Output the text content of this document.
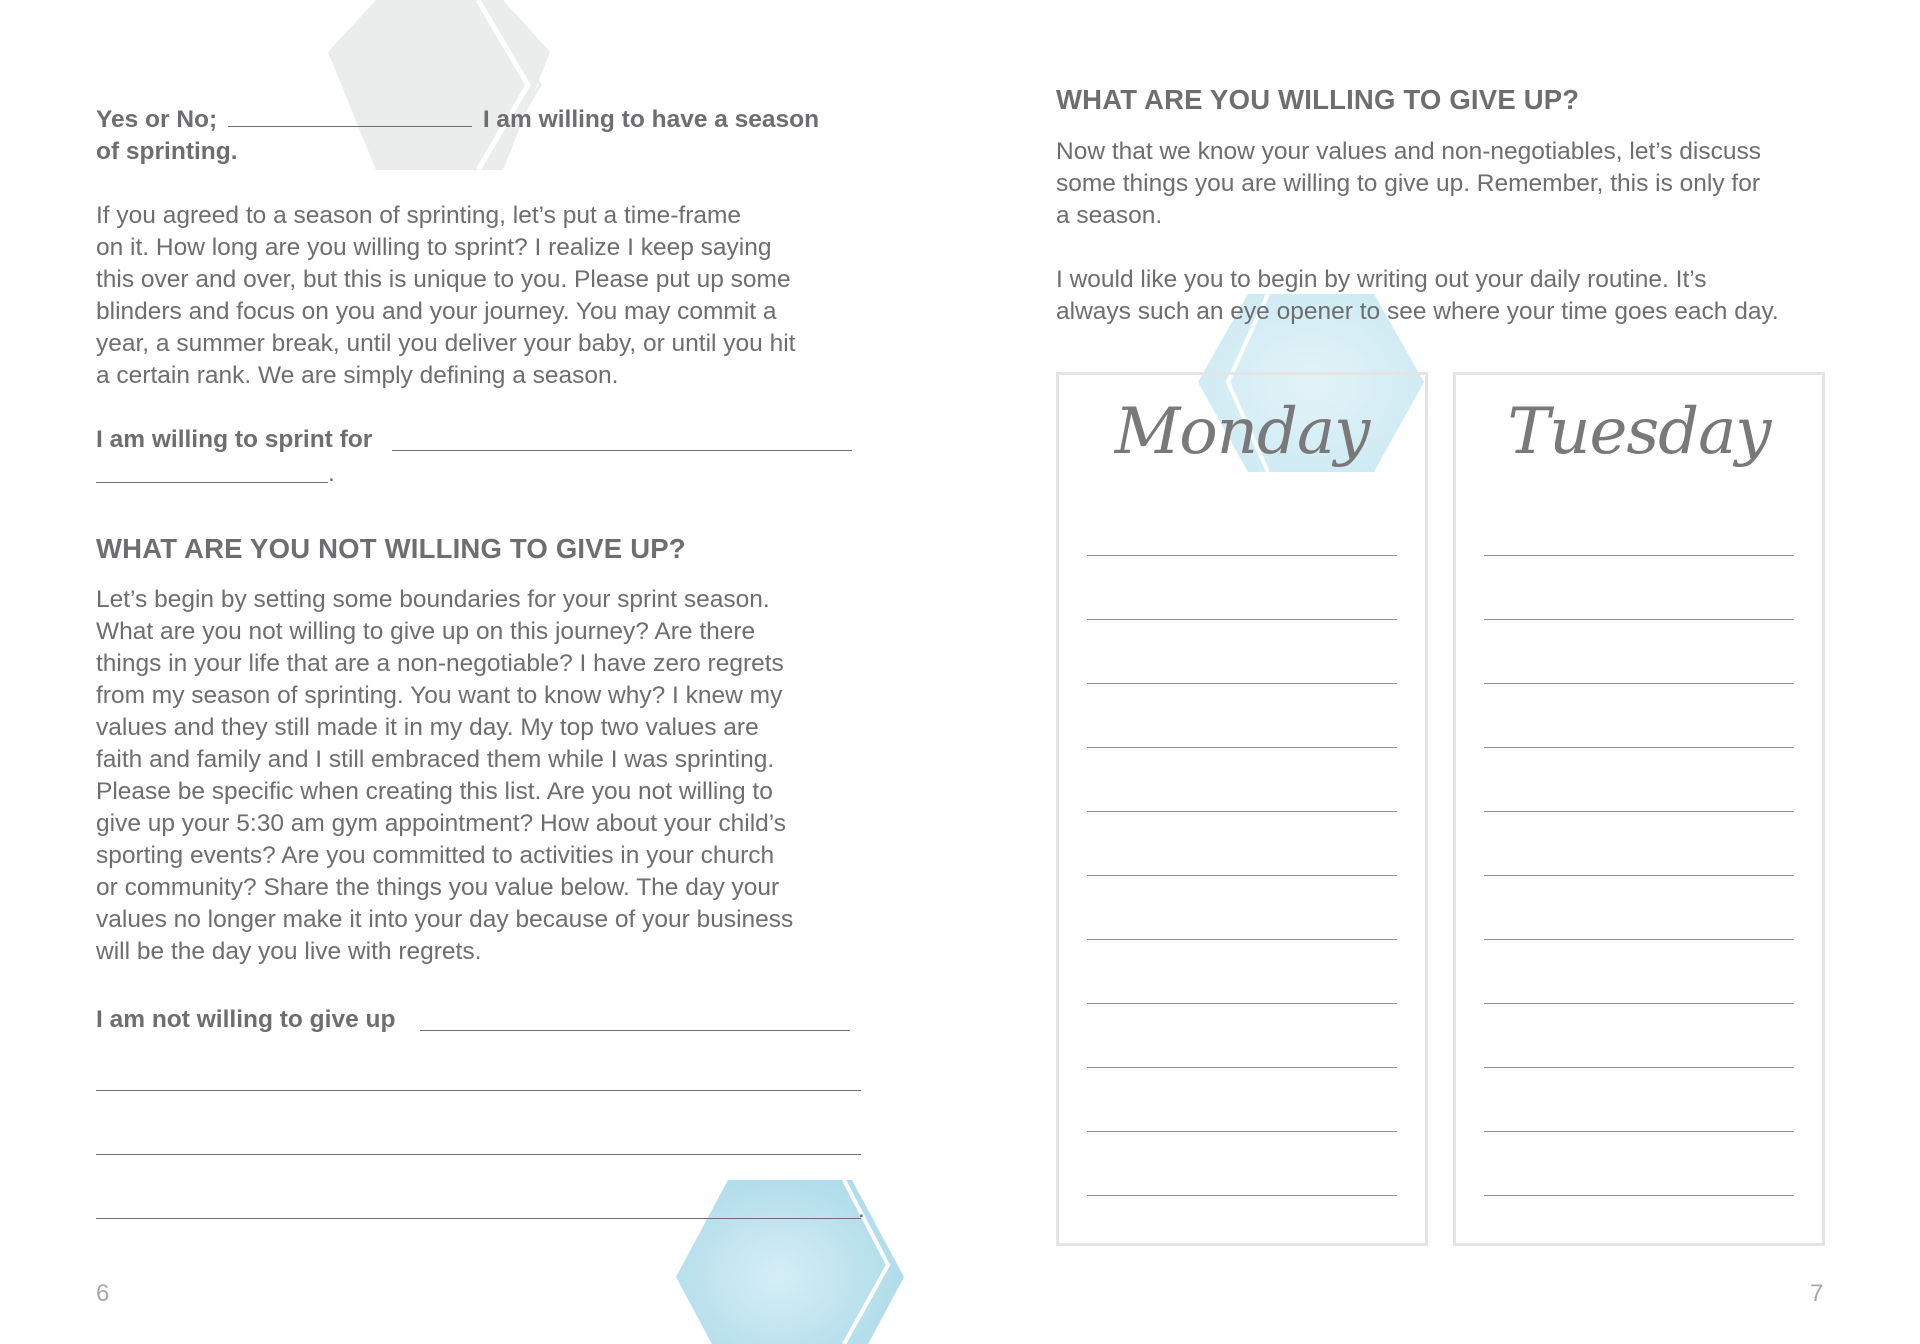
Yes or No;	I am willing to have a season
of sprinting.

If you agreed to a season of sprinting, let’s put a time-frame

on it. How long are you willing to sprint? I realize I keep saying

this over and over, but this is unique to you. Please put up some

blinders and focus on you and your journey. You may commit a

year, a summer break, until you deliver your baby, or until you hit

a certain rank. We are simply defining a season.

I am willing to sprint for

.

WHAT ARE YOU NOT WILLING TO GIVE UP?

Let’s begin by setting some boundaries for your sprint season.

What are you not willing to give up on this journey? Are there

things in your life that are a non-negotiable? I have zero regrets

from my season of sprinting. You want to know why? I knew my

values and they still made it in my day. My top two values are

faith and family and I still embraced them while I was sprinting.

Please be specific when creating this list. Are you not willing to

give up your 5:30 am gym appointment? How about your child’s

sporting events? Are you committed to activities in your church

or community? Share the things you value below. The day your

values no longer make it into your day because of your business

will be the day you live with regrets.

I am not willing to give up

.

6
WHAT ARE YOU WILLING TO GIVE UP?

Now that we know your values and non-negotiables, let’s discuss

some things you are willing to give up. Remember, this is only for

a season.

I would like you to begin by writing out your daily routine. It’s

always such an eye opener to see where your time goes each day.

Monday	Tuesday
7
